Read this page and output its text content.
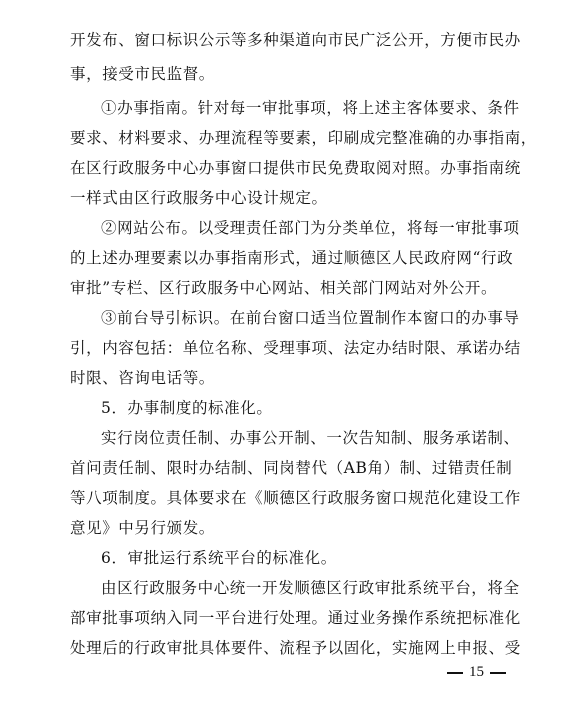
开发布、窗口标识公示等多种渠道向市民广泛公开，方便市民办
事，接受市民监督。
①办事指南。针对每一审批事项，将上述主客体要求、条件
要求、材料要求、办理流程等要素，印刷成完整准确的办事指南，
在区行政服务中心办事窗口提供市民免费取阅对照。办事指南统
一样式由区行政服务中心设计规定。
②网站公布。以受理责任部门为分类单位，将每一审批事项
的上述办理要素以办事指南形式，通过顺德区人民政府网“行政
审批”专栏、区行政服务中心网站、相关部门网站对外公开。
③前台导引标识。在前台窗口适当位置制作本窗口的办事导
引，内容包括：单位名称、受理事项、法定办结时限、承诺办结
时限、咨询电话等。
5．办事制度的标准化。
实行岗位责任制、办事公开制、一次告知制、服务承诺制、
首问责任制、限时办结制、同岗替代（AB角）制、过错责任制
等八项制度。具体要求在《顺德区行政服务窗口规范化建设工作
意见》中另行颁发。
6．审批运行系统平台的标准化。
由区行政服务中心统一开发顺德区行政审批系统平台，将全
部审批事项纳入同一平台进行处理。通过业务操作系统把标准化
处理后的行政审批具体要件、流程予以固化，实施网上申报、受
15
